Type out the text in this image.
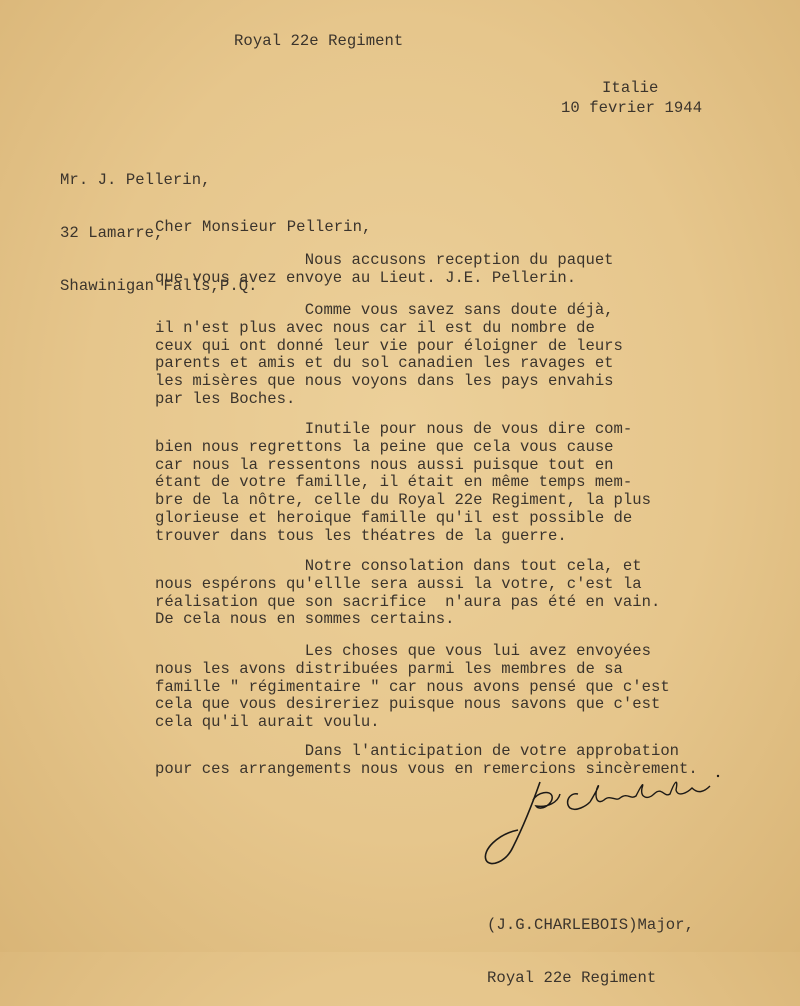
Royal 22e Regiment
Italie
10 fevrier 1944

Mr. J. Pellerin,

32 Lamarre,

Shawinigan Falls,P.Q.

Cher Monsieur Pellerin,
Nous accusons reception du paquet
que vous avez envoye au Lieut. J.E. Pellerin.
Comme vous savez sans doute déjà,
il n'est plus avec nous car il est du nombre de
ceux qui ont donné leur vie pour éloigner de leurs
parents et amis et du sol canadien les ravages et
les misères que nous voyons dans les pays envahis
par les Boches.
Inutile pour nous de vous dire com-
bien nous regrettons la peine que cela vous cause
car nous la ressentons nous aussi puisque tout en
étant de votre famille, il était en même temps mem-
bre de la nôtre, celle du Royal 22e Regiment, la plus
glorieuse et heroique famille qu'il est possible de
trouver dans tous les théatres de la guerre.
Notre consolation dans tout cela, et
nous espérons qu'ellle sera aussi la votre, c'est la
réalisation que son sacrifice  n'aura pas été en vain.
De cela nous en sommes certains.
Les choses que vous lui avez envoyées
nous les avons distribuées parmi les membres de sa
famille " régimentaire " car nous avons pensé que c'est
cela que vous desireriez puisque nous savons que c'est
cela qu'il aurait voulu.
Dans l'anticipation de votre approbation
pour ces arrangements nous vous en remercions sincèrement.

(J.G.CHARLEBOIS)Major,

Royal 22e Regiment
